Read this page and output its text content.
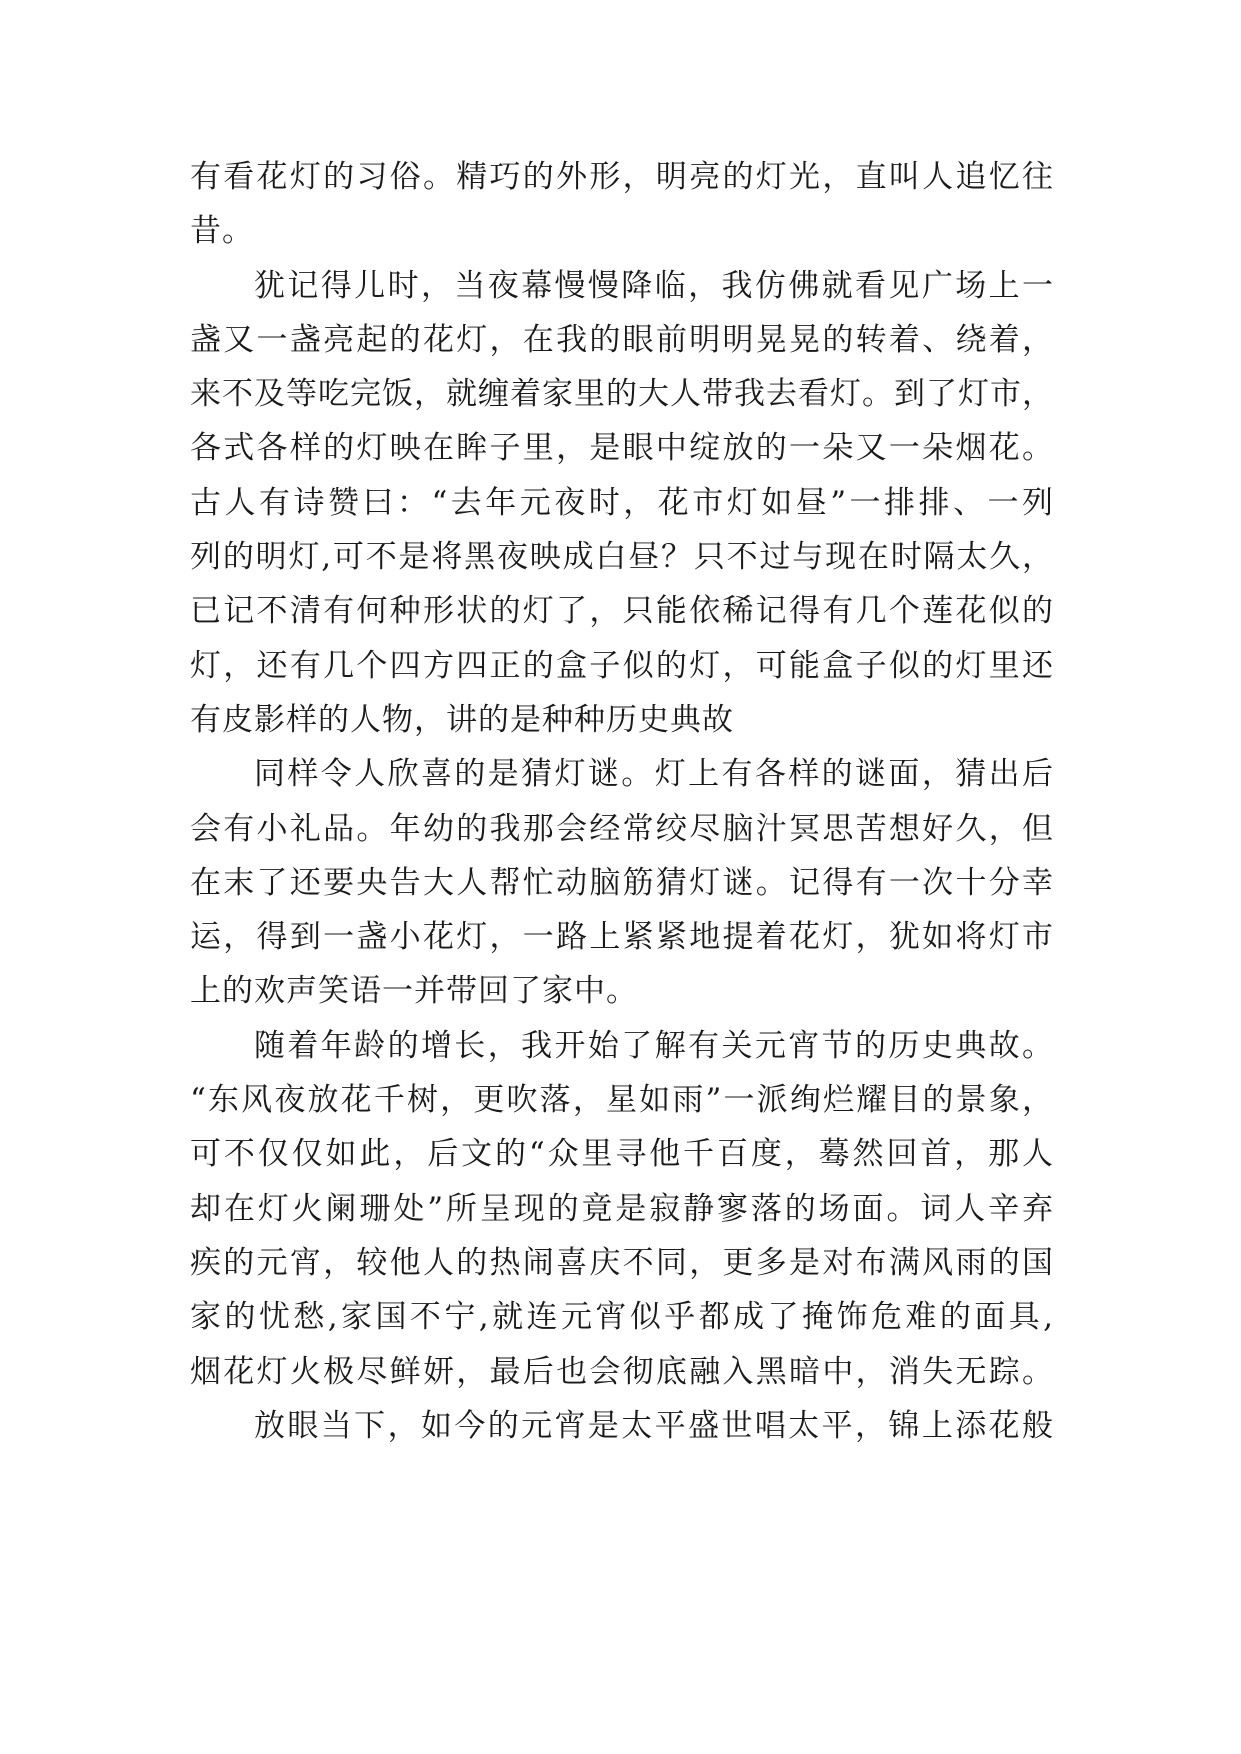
有看花灯的习俗。精巧的外形，明亮的灯光，直叫人追忆往
昔。
犹记得儿时，当夜幕慢慢降临，我仿佛就看见广场上一
盏又一盏亮起的花灯，在我的眼前明明晃晃的转着、绕着，
来不及等吃完饭，就缠着家里的大人带我去看灯。到了灯市，
各式各样的灯映在眸子里，是眼中绽放的一朵又一朵烟花。
古人有诗赞曰：“去年元夜时，花市灯如昼”一排排、一列
列的明灯,可不是将黑夜映成白昼？只不过与现在时隔太久，
已记不清有何种形状的灯了，只能依稀记得有几个莲花似的
灯，还有几个四方四正的盒子似的灯，可能盒子似的灯里还
有皮影样的人物，讲的是种种历史典故
同样令人欣喜的是猜灯谜。灯上有各样的谜面，猜出后
会有小礼品。年幼的我那会经常绞尽脑汁冥思苦想好久，但
在末了还要央告大人帮忙动脑筋猜灯谜。记得有一次十分幸
运，得到一盏小花灯，一路上紧紧地提着花灯，犹如将灯市
上的欢声笑语一并带回了家中。
随着年龄的增长，我开始了解有关元宵节的历史典故。
“东风夜放花千树，更吹落，星如雨”一派绚烂耀目的景象，
可不仅仅如此，后文的“众里寻他千百度，蓦然回首，那人
却在灯火阑珊处”所呈现的竟是寂静寥落的场面。词人辛弃
疾的元宵，较他人的热闹喜庆不同，更多是对布满风雨的国
家的忧愁,家国不宁,就连元宵似乎都成了掩饰危难的面具,
烟花灯火极尽鲜妍，最后也会彻底融入黑暗中，消失无踪。
放眼当下，如今的元宵是太平盛世唱太平，锦上添花般
